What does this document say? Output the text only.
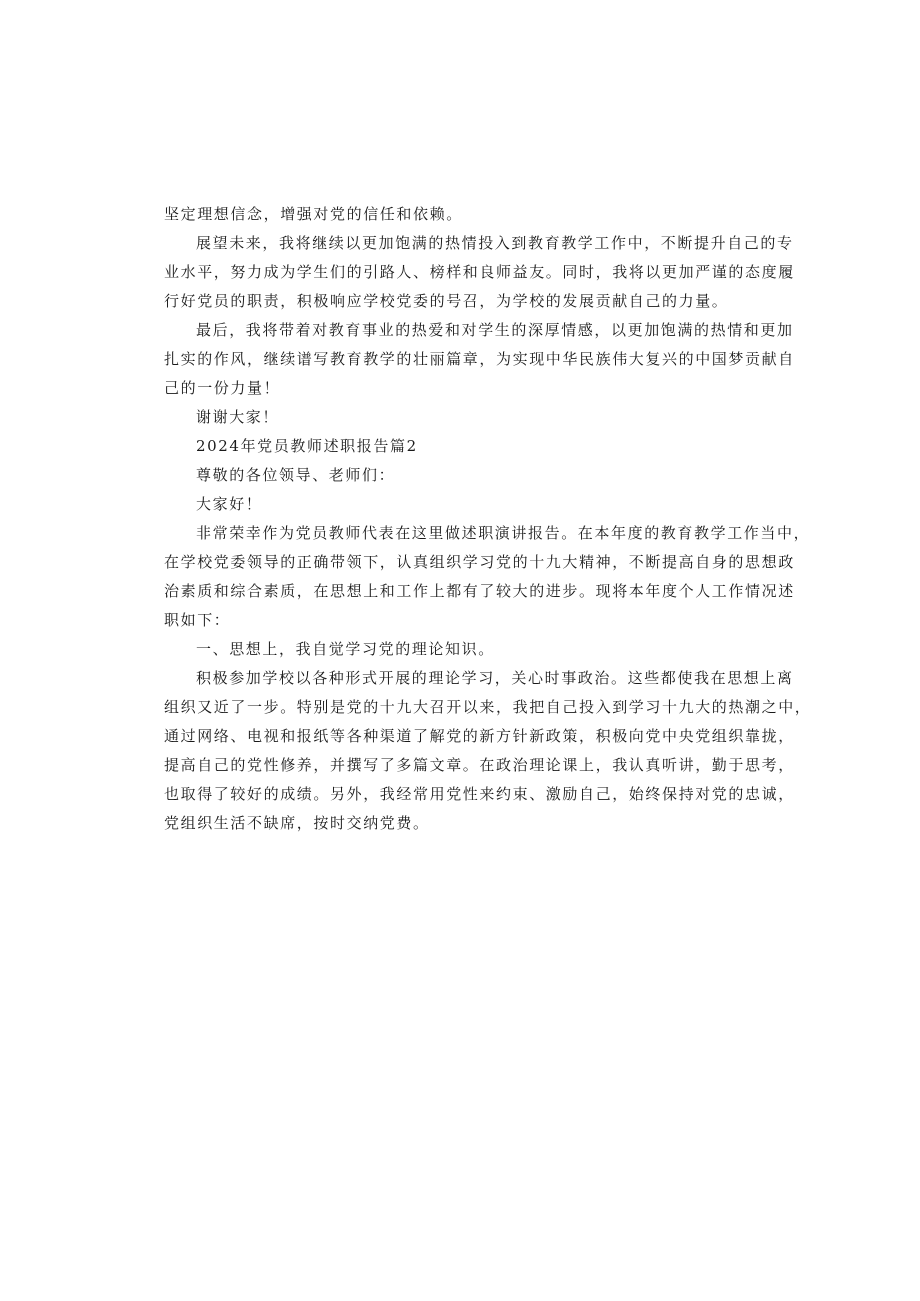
坚定理想信念，增强对党的信任和依赖。
展望未来，我将继续以更加饱满的热情投入到教育教学工作中，不断提升自己的专
业水平，努力成为学生们的引路人、榜样和良师益友。同时，我将以更加严谨的态度履
行好党员的职责，积极响应学校党委的号召，为学校的发展贡献自己的力量。
最后，我将带着对教育事业的热爱和对学生的深厚情感，以更加饱满的热情和更加
扎实的作风，继续谱写教育教学的壮丽篇章，为实现中华民族伟大复兴的中国梦贡献自
己的一份力量！
谢谢大家！
2024年党员教师述职报告篇2
尊敬的各位领导、老师们：
大家好！
非常荣幸作为党员教师代表在这里做述职演讲报告。在本年度的教育教学工作当中，
在学校党委领导的正确带领下，认真组织学习党的十九大精神，不断提高自身的思想政
治素质和综合素质，在思想上和工作上都有了较大的进步。现将本年度个人工作情况述
职如下：
一、思想上，我自觉学习党的理论知识。
积极参加学校以各种形式开展的理论学习，关心时事政治。这些都使我在思想上离
组织又近了一步。特别是党的十九大召开以来，我把自己投入到学习十九大的热潮之中，
通过网络、电视和报纸等各种渠道了解党的新方针新政策，积极向党中央党组织靠拢，
提高自己的党性修养，并撰写了多篇文章。在政治理论课上，我认真听讲，勤于思考，
也取得了较好的成绩。另外，我经常用党性来约束、激励自己，始终保持对党的忠诚，
党组织生活不缺席，按时交纳党费。
